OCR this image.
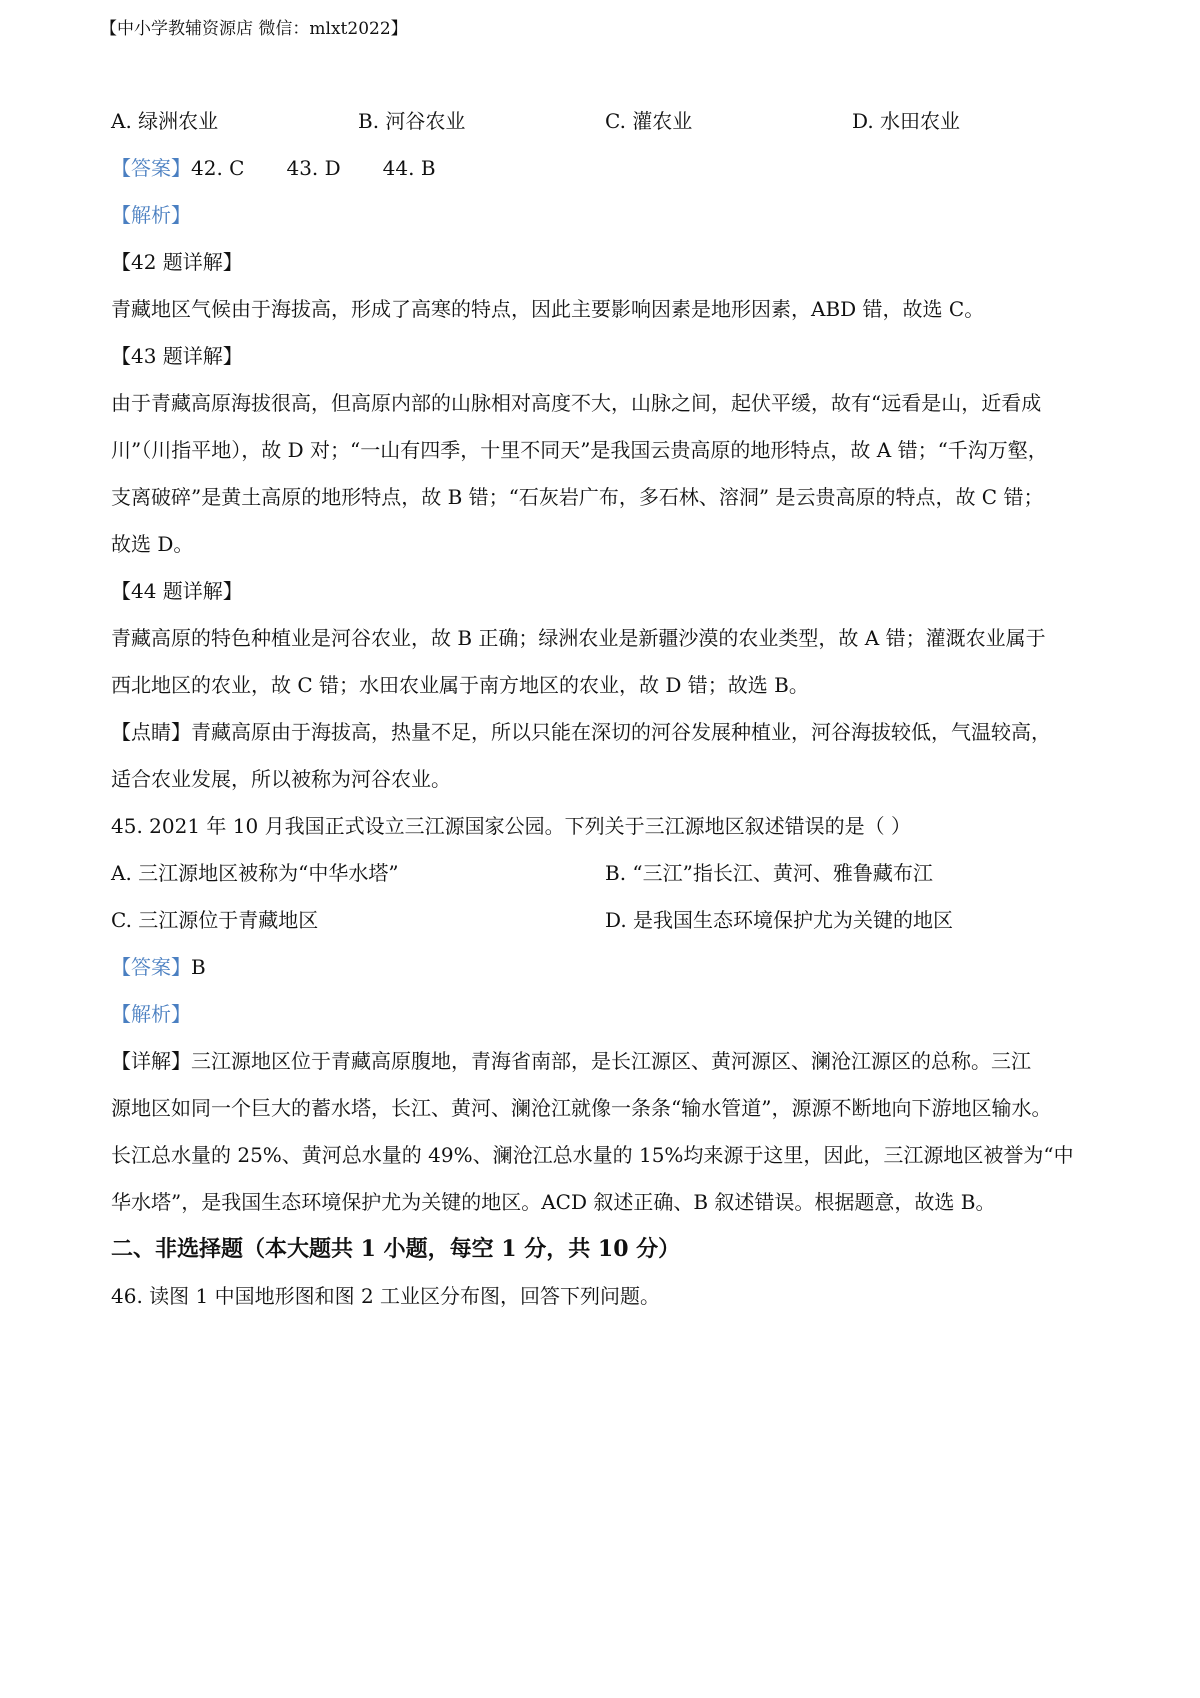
【中小学教辅资源店 微信：mlxt2022】
A. 绿洲农业	B. 河谷农业	C. 灌农业	D. 水田农业
【答案】42. C 43. D 44. B
【解析】
【42 题详解】

青藏地区气候由于海拔高，形成了高寒的特点，因此主要影响因素是地形因素，ABD 错，故选 C。

【43 题详解】

由于青藏高原海拔很高，但高原内部的山脉相对高度不大，山脉之间，起伏平缓，故有“远看是山，近看成

川”（川指平地），故 D 对；“一山有四季，十里不同天”是我国云贵高原的地形特点，故 A 错；“千沟万壑，

支离破碎”是黄土高原的地形特点，故 B 错；“石灰岩广布，多石林、溶洞” 是云贵高原的特点，故 C 错；

故选 D。

【44 题详解】

青藏高原的特色种植业是河谷农业，故 B 正确；绿洲农业是新疆沙漠的农业类型，故 A 错；灌溉农业属于

西北地区的农业，故 C 错；水田农业属于南方地区的农业，故 D 错；故选 B。

【点睛】青藏高原由于海拔高，热量不足，所以只能在深切的河谷发展种植业，河谷海拔较低，气温较高，

适合农业发展，所以被称为河谷农业。

45. 2021 年 10 月我国正式设立三江源国家公园。下列关于三江源地区叙述错误的是（ ）
A. 三江源地区被称为“中华水塔”	B. “三江”指长江、黄河、雅鲁藏布江
C. 三江源位于青藏地区	D. 是我国生态环境保护尤为关键的地区
【答案】B
【解析】

【详解】三江源地区位于青藏高原腹地，青海省南部，是长江源区、黄河源区、澜沧江源区的总称。三江

源地区如同一个巨大的蓄水塔，长江、黄河、澜沧江就像一条条“输水管道”，源源不断地向下游地区输水。

长江总水量的 25%、黄河总水量的 49%、澜沧江总水量的 15%均来源于这里，因此，三江源地区被誉为“中

华水塔”，是我国生态环境保护尤为关键的地区。ACD 叙述正确、B 叙述错误。根据题意，故选 B。

二、非选择题（本大题共 1 小题，每空 1 分，共 10 分）
46. 读图 1 中国地形图和图 2 工业区分布图，回答下列问题。
